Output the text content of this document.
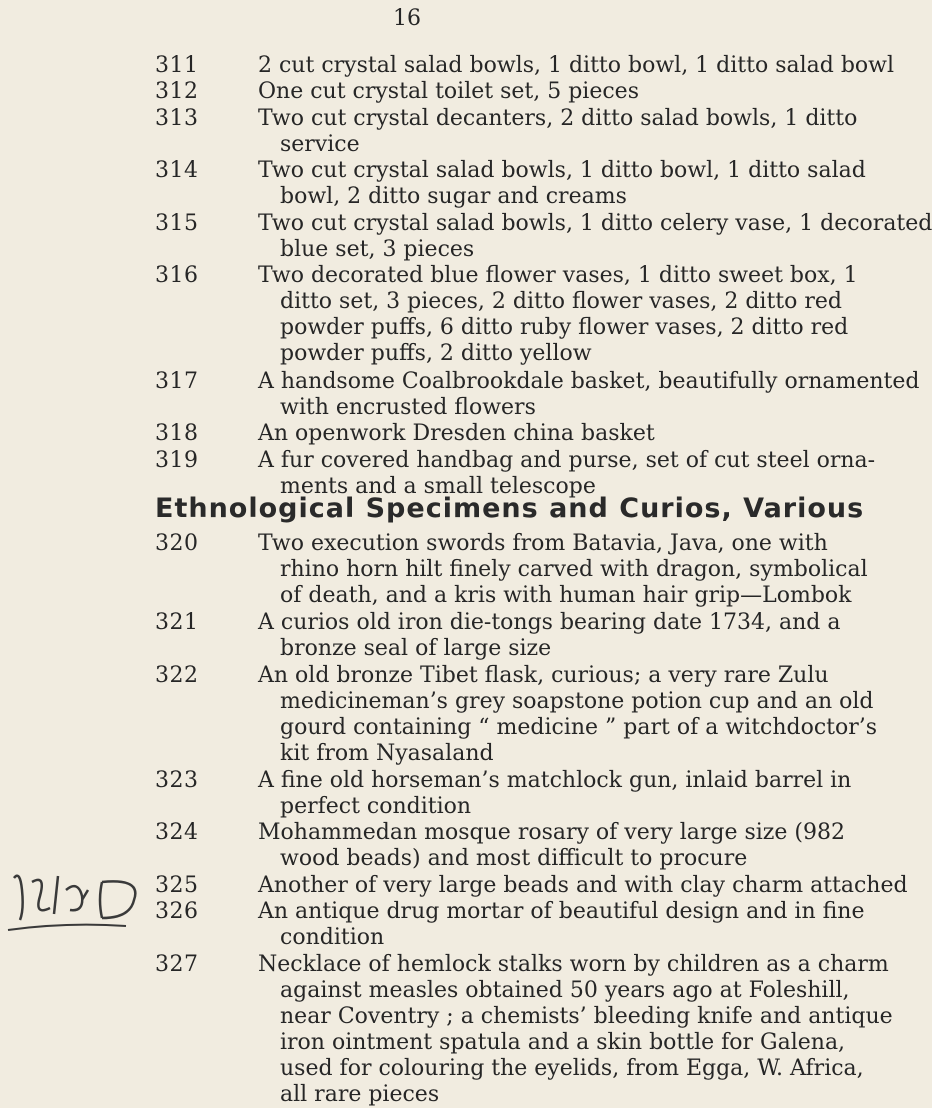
16
311	2 cut crystal salad bowls, 1 ditto bowl, 1 ditto salad bowl
312	One cut crystal toilet set, 5 pieces
313	Two cut crystal decanters, 2 ditto salad bowls, 1 ditto
service
314	Two cut crystal salad bowls, 1 ditto bowl, 1 ditto salad
bowl, 2 ditto sugar and creams
315	Two cut crystal salad bowls, 1 ditto celery vase, 1 decorated
blue set, 3 pieces
316	Two decorated blue flower vases, 1 ditto sweet box, 1
ditto set, 3 pieces, 2 ditto flower vases, 2 ditto red
powder puffs, 6 ditto ruby flower vases, 2 ditto red
powder puffs, 2 ditto yellow
317	A handsome Coalbrookdale basket, beautifully ornamented
with encrusted flowers
318	An openwork Dresden china basket
319	A fur covered handbag and purse, set of cut steel orna-
ments and a small telescope
320	Two execution swords from Batavia, Java, one with
rhino horn hilt finely carved with dragon, symbolical
of death, and a kris with human hair grip—Lombok
321	A curios old iron die-tongs bearing date 1734, and a
bronze seal of large size
322	An old bronze Tibet flask, curious; a very rare Zulu
medicineman’s grey soapstone potion cup and an old
gourd containing “ medicine ” part of a witchdoctor’s
kit from Nyasaland
323	A fine old horseman’s matchlock gun, inlaid barrel in
perfect condition
324	Mohammedan mosque rosary of very large size (982
wood beads) and most difficult to procure
325	Another of very large beads and with clay charm attached
326	An antique drug mortar of beautiful design and in fine
condition
327	Necklace of hemlock stalks worn by children as a charm
against measles obtained 50 years ago at Foleshill,
near Coventry ; a chemists’ bleeding knife and antique
iron ointment spatula and a skin bottle for Galena,
used for colouring the eyelids, from Egga, W. Africa,
all rare pieces
Ethnological Specimens and Curios, Various
